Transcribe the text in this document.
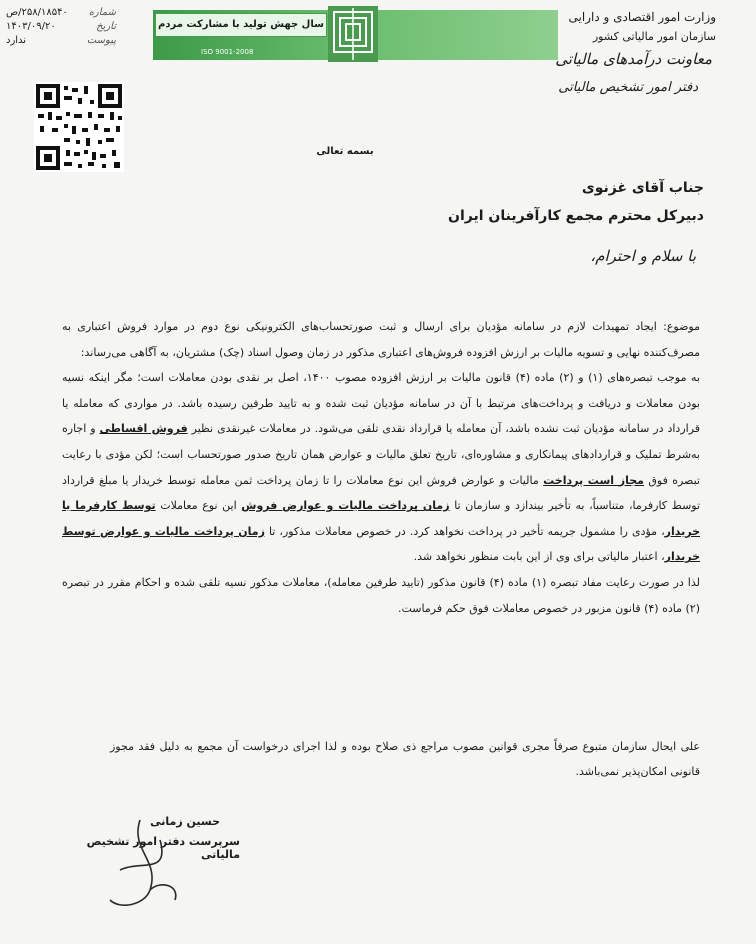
شماره
۲۵۸/۱۸۵۴۰/ص
تاریخ
۱۴۰۳/۰۹/۲۰
پیوست
ندارد
سال جهش تولید با مشارکت مردم
ISO 9001-2008
وزارت امور اقتصادی و دارایی
سازمان امور مالیاتی کشور
معاونت درآمدهای مالیاتی
دفتر امور تشخیص مالیاتی
بسمه تعالی
جناب آقای غزنوی
دبیرکل محترم مجمع کارآفرینان ایران
با سلام و احترام،

موضوع: ایجاد تمهیدات لازم در سامانه مؤدیان برای ارسال و ثبت صورتحساب‌های الکترونیکی نوع دوم در موارد فروش اعتباری به مصرف‌کننده نهایی و تسویه مالیات بر ارزش افزوده فروش‌های اعتباری مذکور در زمان وصول اسناد (چک) مشتریان، به آگاهی می‌رساند:

به موجب تبصره‌های (۱) و (۲) ماده (۴) قانون مالیات بر ارزش افزوده مصوب ۱۴۰۰، اصل بر نقدی بودن معاملات است؛ مگر اینکه نسیه بودن معاملات و دریافت و پرداخت‌های مرتبط با آن در سامانه مؤدیان ثبت شده و به تایید طرفین رسیده باشد. در مواردی که معامله یا قرارداد در سامانه مؤدیان ثبت نشده باشد، آن معامله یا قرارداد نقدی تلقی می‌شود. در معاملات غیرنقدی نظیر فروش اقساطی و اجاره به‌شرط تملیک و قراردادهای پیمانکاری و مشاوره‌ای، تاریخ تعلق مالیات و عوارض همان تاریخ صدور صورتحساب است؛ لکن مؤدی با رعایت تبصره فوق مجاز است پرداخت مالیات و عوارض فروش این نوع معاملات را تا زمان پرداخت ثمن معامله توسط خریدار یا مبلغ قرارداد توسط کارفرما، متناسباً، به تأخیر بیندازد و سازمان تا زمان پرداخت مالیات و عوارض فروش این نوع معاملات توسط کارفرما یا خریدار، مؤدی را مشمول جریمه تأخیر در پرداخت نخواهد کرد. در خصوص معاملات مذکور، تا زمان پرداخت مالیات و عوارض توسط خریدار، اعتبار مالیاتی برای وی از این بابت منظور نخواهد شد.

لذا در صورت رعایت مفاد تبصره (۱) ماده (۴) قانون مذکور (تایید طرفین معامله)، معاملات مذکور نسیه تلقی شده و احکام مقرر در تبصره (۲) ماده (۴) قانون مزبور در خصوص معاملات فوق حکم فرماست.

علی ایحال سازمان متبوع صرفاً مجری قوانین مصوب مراجع ذی صلاح بوده و لذا اجرای درخواست آن مجمع به دلیل فقد مجوز قانونی امکان‌پذیر نمی‌باشد.
حسین زمانی
سرپرست دفتر امور تشخیص مالیاتی
